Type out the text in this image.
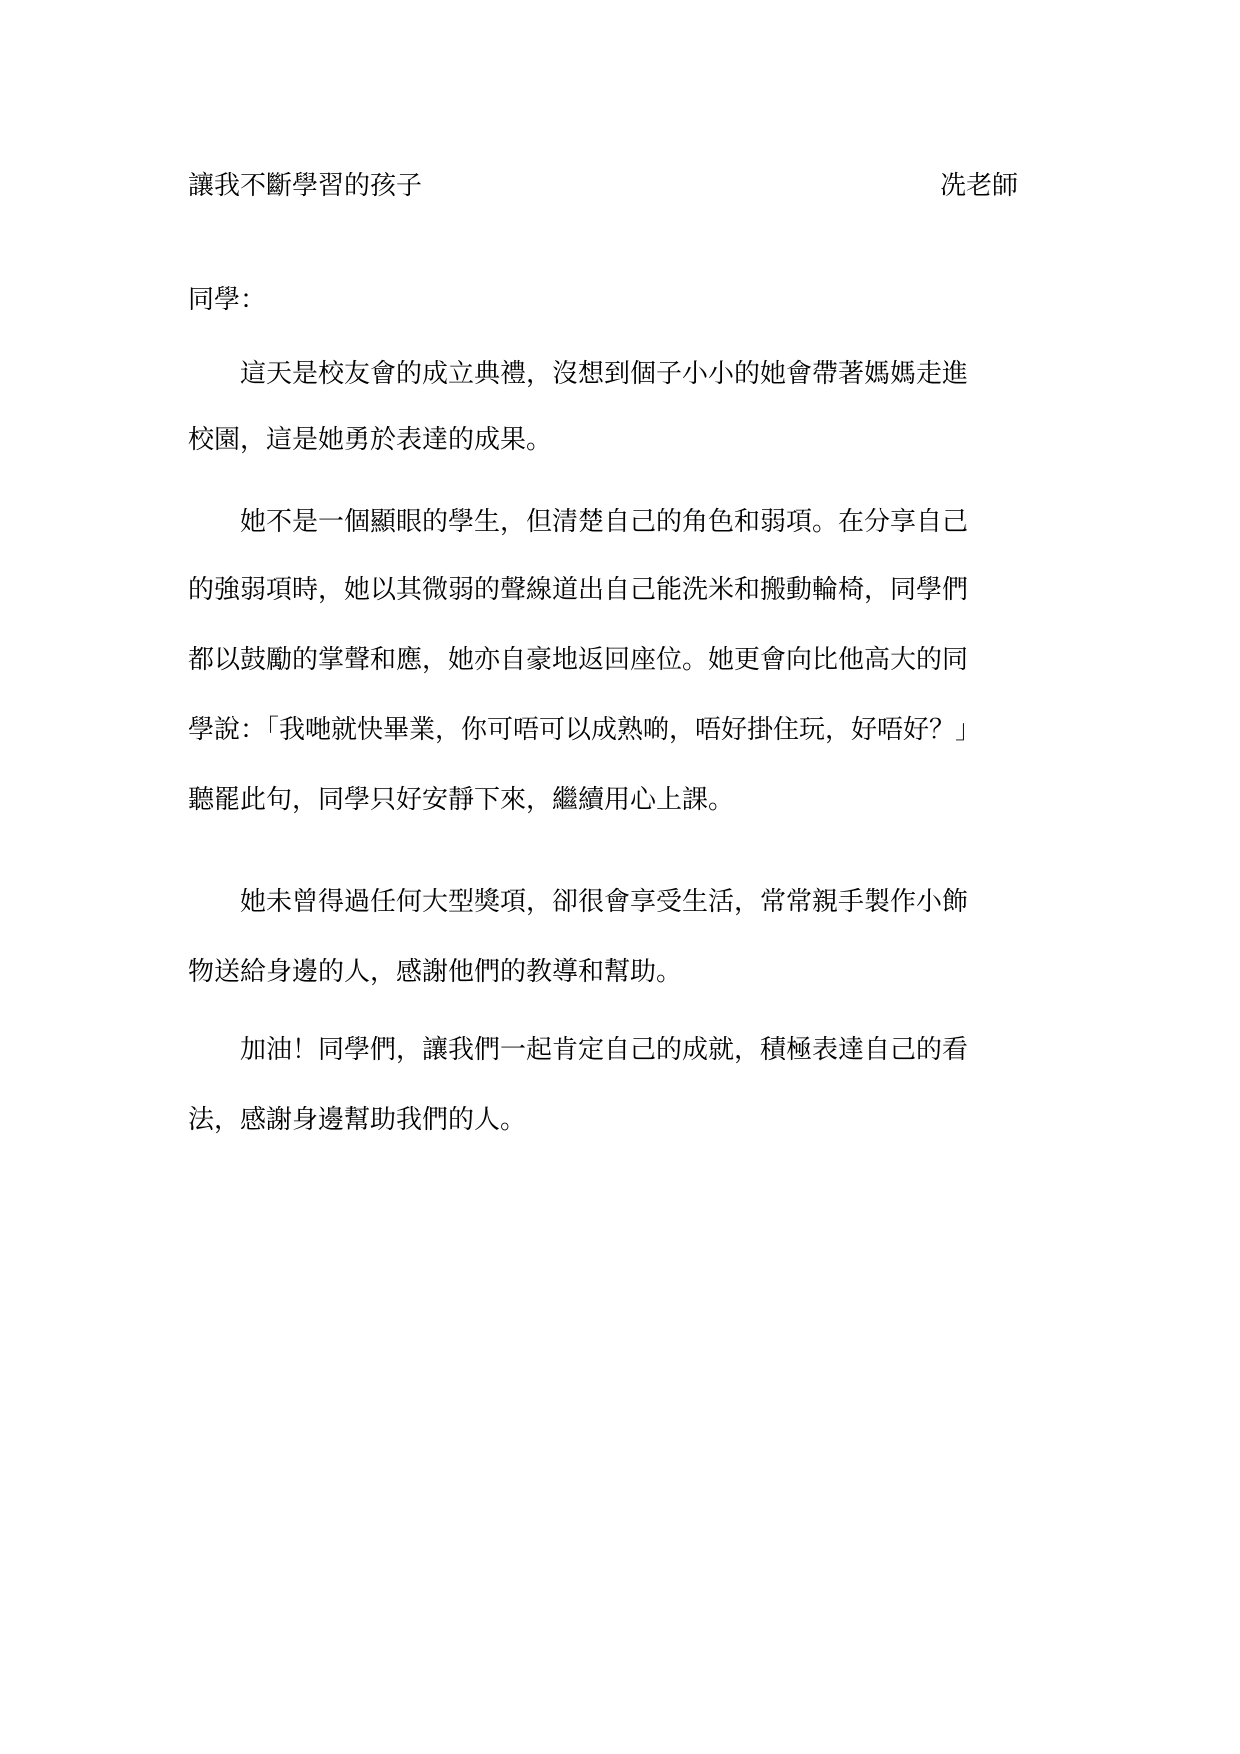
讓我不斷學習的孩子	冼老師
同學：
這天是校友會的成立典禮，沒想到個子小小的她會帶著媽媽走進
校園，這是她勇於表達的成果。
她不是一個顯眼的學生，但清楚自己的角色和弱項。在分享自己
的強弱項時，她以其微弱的聲線道出自己能洗米和搬動輪椅，同學們
都以鼓勵的掌聲和應，她亦自豪地返回座位。她更會向比他高大的同
學說：「我哋就快畢業，你可唔可以成熟啲，唔好掛住玩，好唔好？」
聽罷此句，同學只好安靜下來，繼續用心上課。
她未曾得過任何大型獎項，卻很會享受生活，常常親手製作小飾
物送給身邊的人，感謝他們的教導和幫助。
加油！同學們，讓我們一起肯定自己的成就，積極表達自己的看
法，感謝身邊幫助我們的人。
